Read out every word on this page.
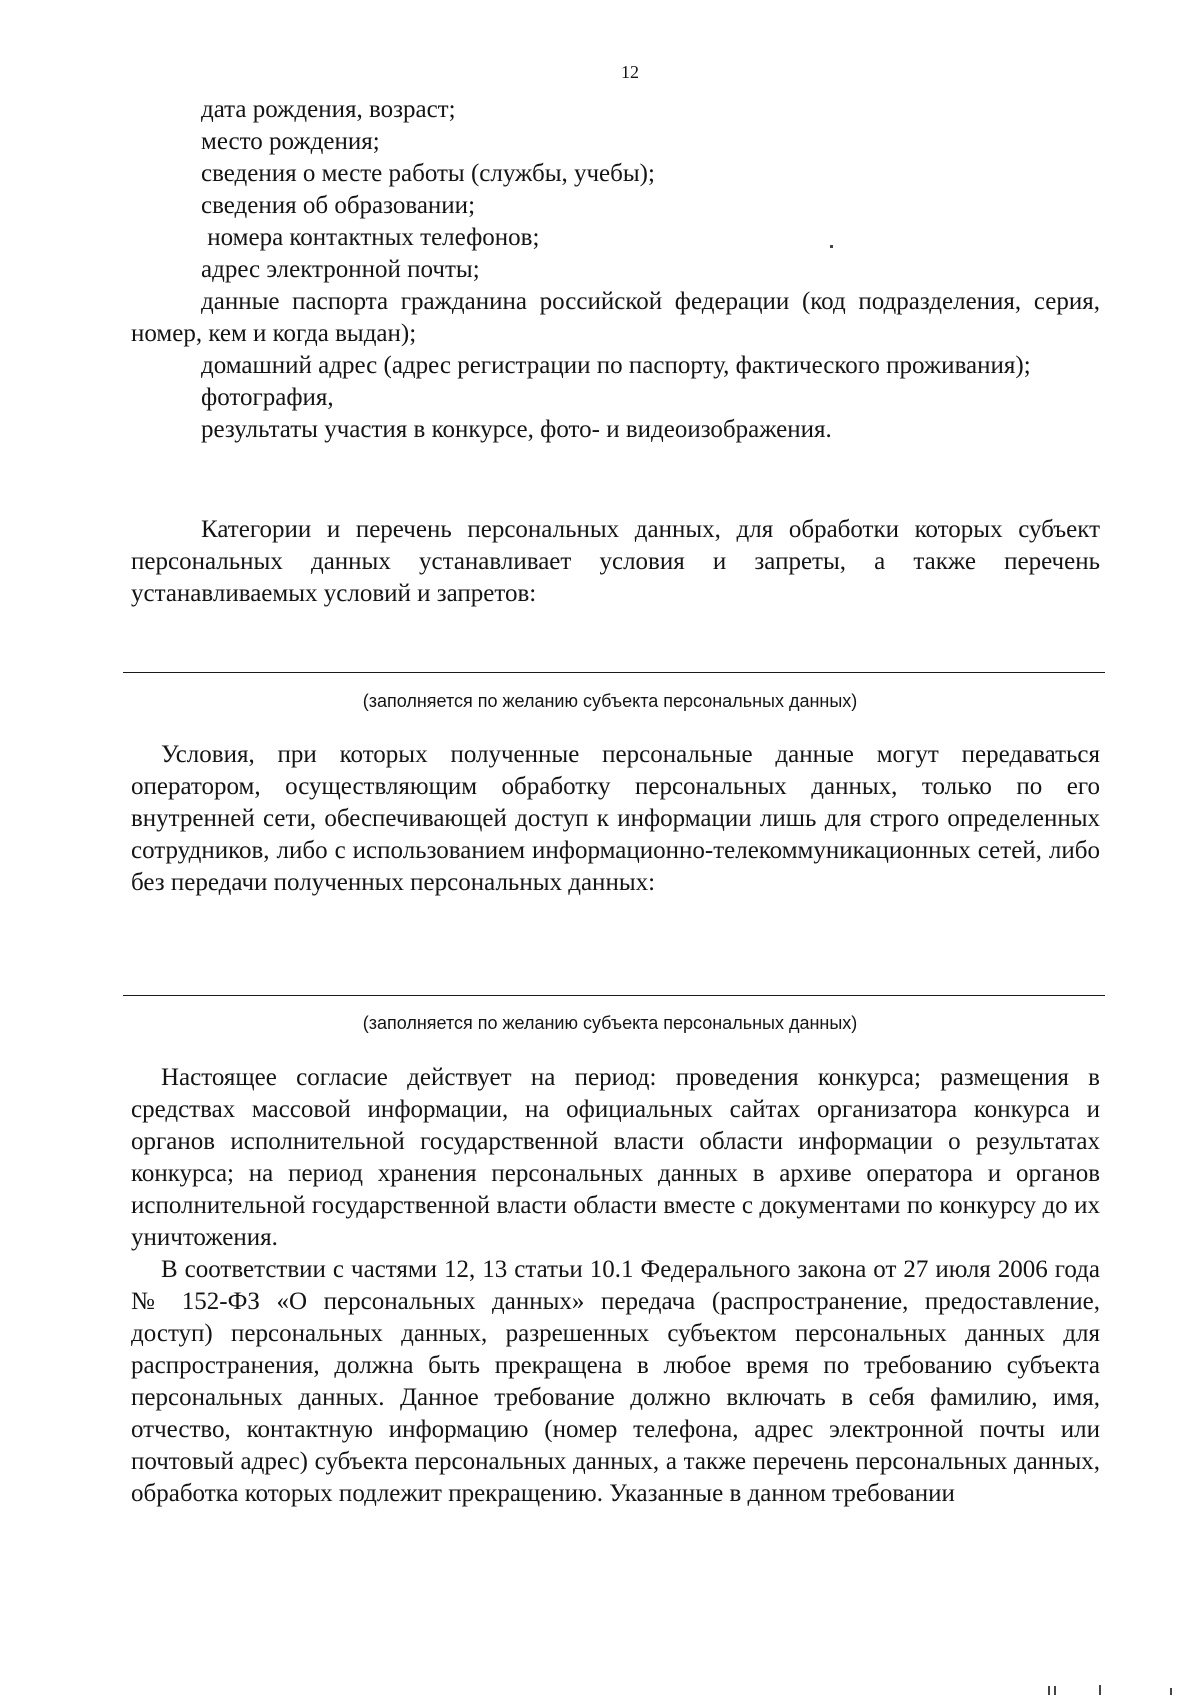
12

дата рождения, возраст;

место рождения;

сведения о месте работы (службы, учебы);

сведения об образовании;

номера контактных телефонов;

адрес электронной почты;

данные паспорта гражданина российской федерации (код подразделения, серия, номер, кем и когда выдан);

домашний адрес (адрес регистрации по паспорту, фактического проживания);

фотография,

результаты участия в конкурсе, фото- и видеоизображения.

Категории и перечень персональных данных, для обработки которых субъект персональных данных устанавливает условия и запреты, а также перечень устанавливаемых условий и запретов:

(заполняется по желанию субъекта персональных данных)

Условия, при которых полученные персональные данные могут передаваться оператором, осуществляющим обработку персональных данных, только по его внутренней сети, обеспечивающей доступ к информации лишь для строго определенных сотрудников, либо с использованием информационно-телекоммуникационных сетей, либо без передачи полученных персональных данных:

(заполняется по желанию субъекта персональных данных)

Настоящее согласие действует на период: проведения конкурса; размещения в средствах массовой информации, на официальных сайтах организатора конкурса и органов исполнительной государственной власти области информации о результатах конкурса; на период хранения персональных данных в архиве оператора и органов исполнительной государственной власти области вместе с документами по конкурсу до их уничтожения.

В соответствии с частями 12, 13 статьи 10.1 Федерального закона от 27 июля 2006 года № 152-ФЗ «О персональных данных» передача (распространение, предоставление, доступ) персональных данных, разрешенных субъектом персональных данных для распространения, должна быть прекращена в любое время по требованию субъекта персональных данных. Данное требование должно включать в себя фамилию, имя, отчество, контактную информацию (номер телефона, адрес электронной почты или почтовый адрес) субъекта персональных данных, а также перечень персональных данных, обработка которых подлежит прекращению. Указанные в данном требовании
